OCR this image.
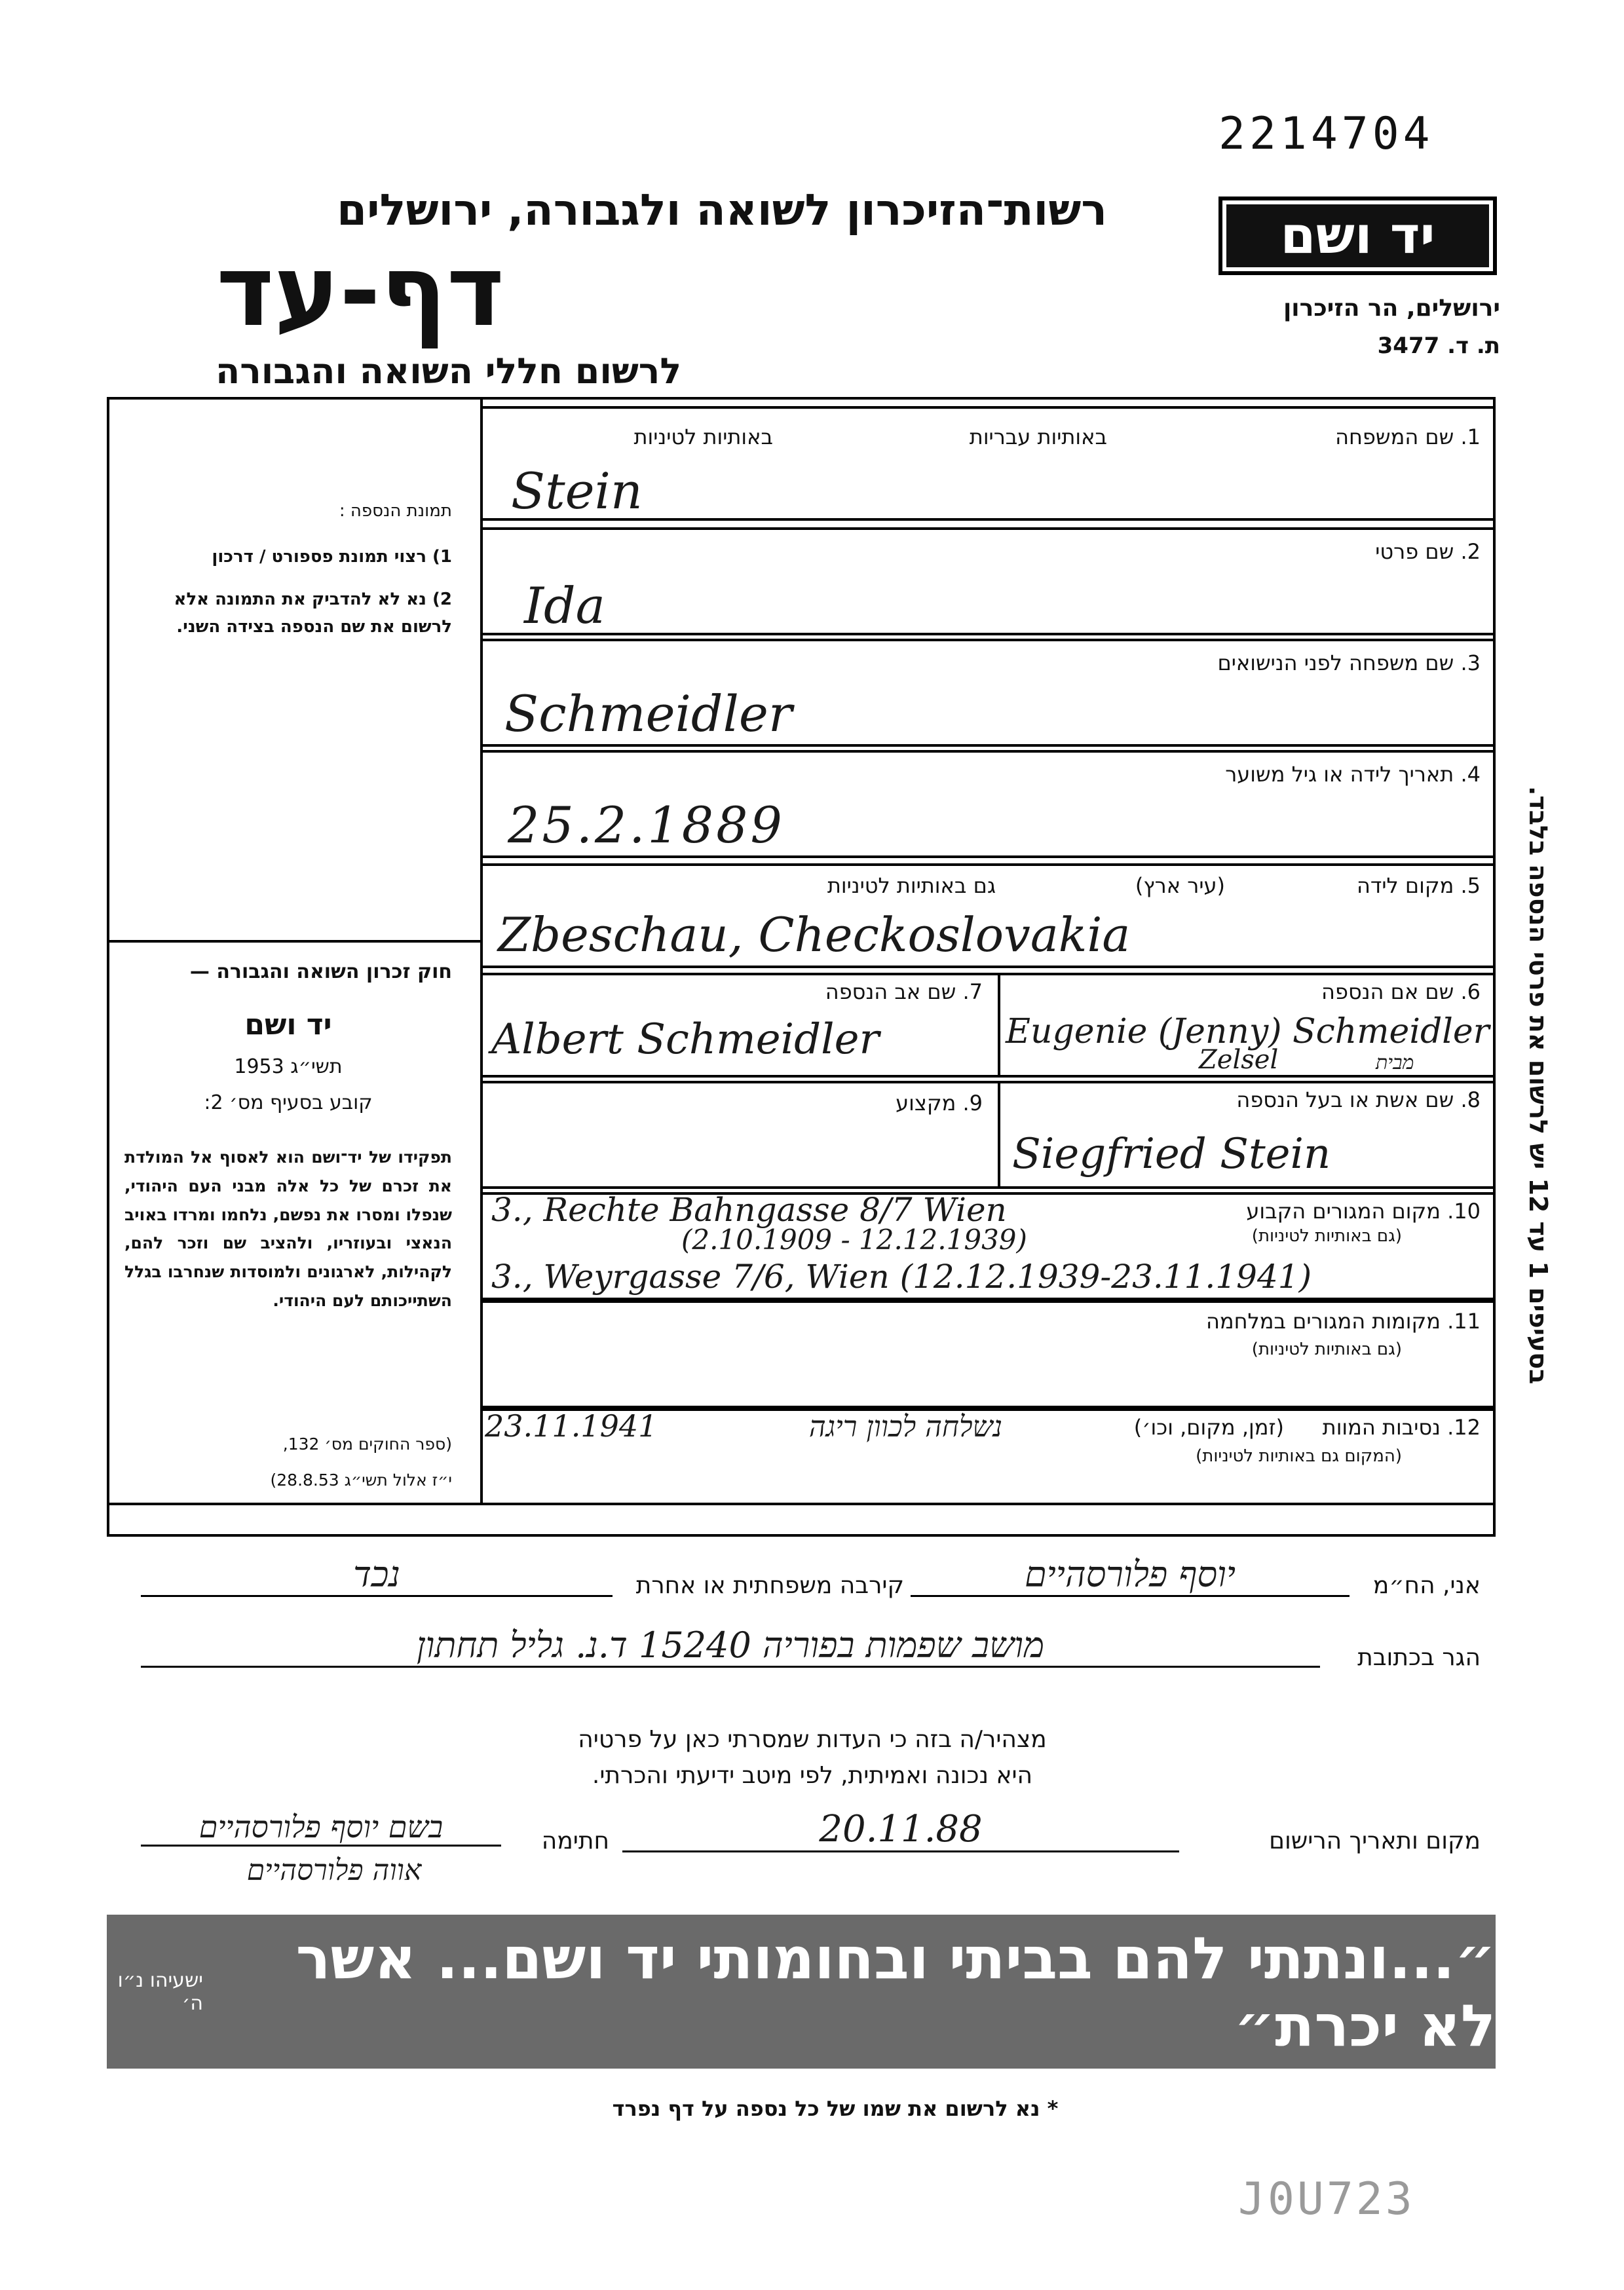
2214704
יד ושם
ירושלים, הר הזיכרון
ת. ד. 3477
רשות־הזיכרון לשואה ולגבורה, ירושלים
דף-עד
לרשום חללי השואה והגבורה
בסעיפים 1 עד 12 יש לרשום את פרטי הנספה בלבד.
תמונת הנספה :
1) רצוי תמונת פספורט / דרכון
2) נא לא להדביק את התמונה אלא לרשום את שם הנספה בצידה השני.
חוק זכרון השואה והגבורה —
יד ושם
תשי״ג 1953
קובע בסעיף מס׳ 2:
תפקידו של יד־ושם הוא לאסוף אל המולדת את זכרם של כל אלה מבני העם היהודי, שנפלו ומסרו את נפשם, נלחמו ומרדו באויב הנאצי ובעוזריו, ולהציב שם וזכר להם, לקהילות, לארגונים ולמוסדות שנחרבו בגלל השתייכותם לעם היהודי.
(ספר החוקים מס׳ 132,
י״ז אלול תשי״ג 28.8.53)
1. שם המשפחה
באותיות עבריות
באותיות לטיניות
Stein
2. שם פרטי
Ida
3. שם משפחה לפני הנישואים
Schmeidler
4. תאריך לידה או גיל משוער
25.2.1889
5. מקום לידה
(עיר ארץ)
גם באותיות לטיניות
Zbeschau, Checkoslovakia
6. שם אם הנספה
Eugenie (Jenny) Schmeidler
Zelsel	מבית
7. שם אב הנספה
Albert Schmeidler
8. שם אשת או בעל הנספה
Siegfried Stein
9. מקצוע
10. מקום המגורים הקבוע
(גם באותיות לטיניות)
3., Rechte Bahngasse 8/7 Wien
(2.10.1909 - 12.12.1939)
3., Weyrgasse 7/6, Wien (12.12.1939-23.11.1941)
11. מקומות המגורים במלחמה
(גם באותיות לטיניות)
12. נסיבות המוות
(זמן, מקום, וכו׳)
(המקום גם באותיות לטיניות)
23.11.1941	נשלחה לכוון ריגה
אני, הח״מ
יוסף פלורסהיים
קירבה משפחתית או אחרת
נכד
הגר בכתובת
מושב שפמות בפוריה 15240 ד.נ. גליל תחתון
מצהיר/ה בזה כי העדות שמסרתי כאן על פרטיה
היא נכונה ואמיתית, לפי מיטב ידיעתי והכרתי.
מקום ותאריך הרישום
20.11.88
חתימה
בשם יוסף פלורסהיים
אווה פלורסהיים
״...ונתתי להם בביתי ובחומותי יד ושם... אשר לא יכרת״
ישעיהו נ״ו ה׳
* נא לרשום את שמו של כל נספה על דף נפרד
J0U723
